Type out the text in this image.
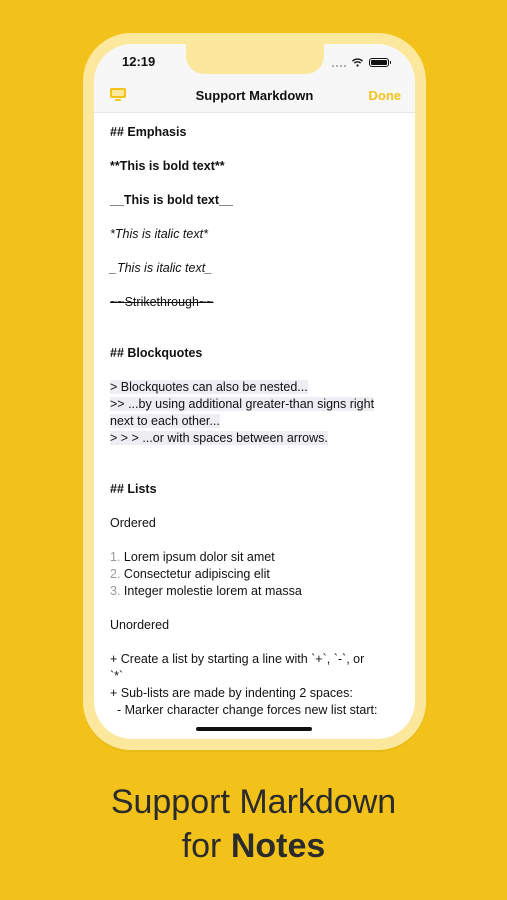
12:19
Support Markdown	Done
## Emphasis
**This is bold text**
__This is bold text__
*This is italic text*
_This is italic text_
~~Strikethrough~~
## Blockquotes
> Blockquotes can also be nested...
>> ...by using additional greater-than signs right
next to each other...
> > > ...or with spaces between arrows.
## Lists
Ordered
1. Lorem ipsum dolor sit amet
2. Consectetur adipiscing elit
3. Integer molestie lorem at massa
Unordered
+ Create a list by starting a line with `+`, `-`, or
`*`
+ Sub-lists are made by indenting 2 spaces:
- Marker character change forces new list start:
Support Markdown
for Notes
